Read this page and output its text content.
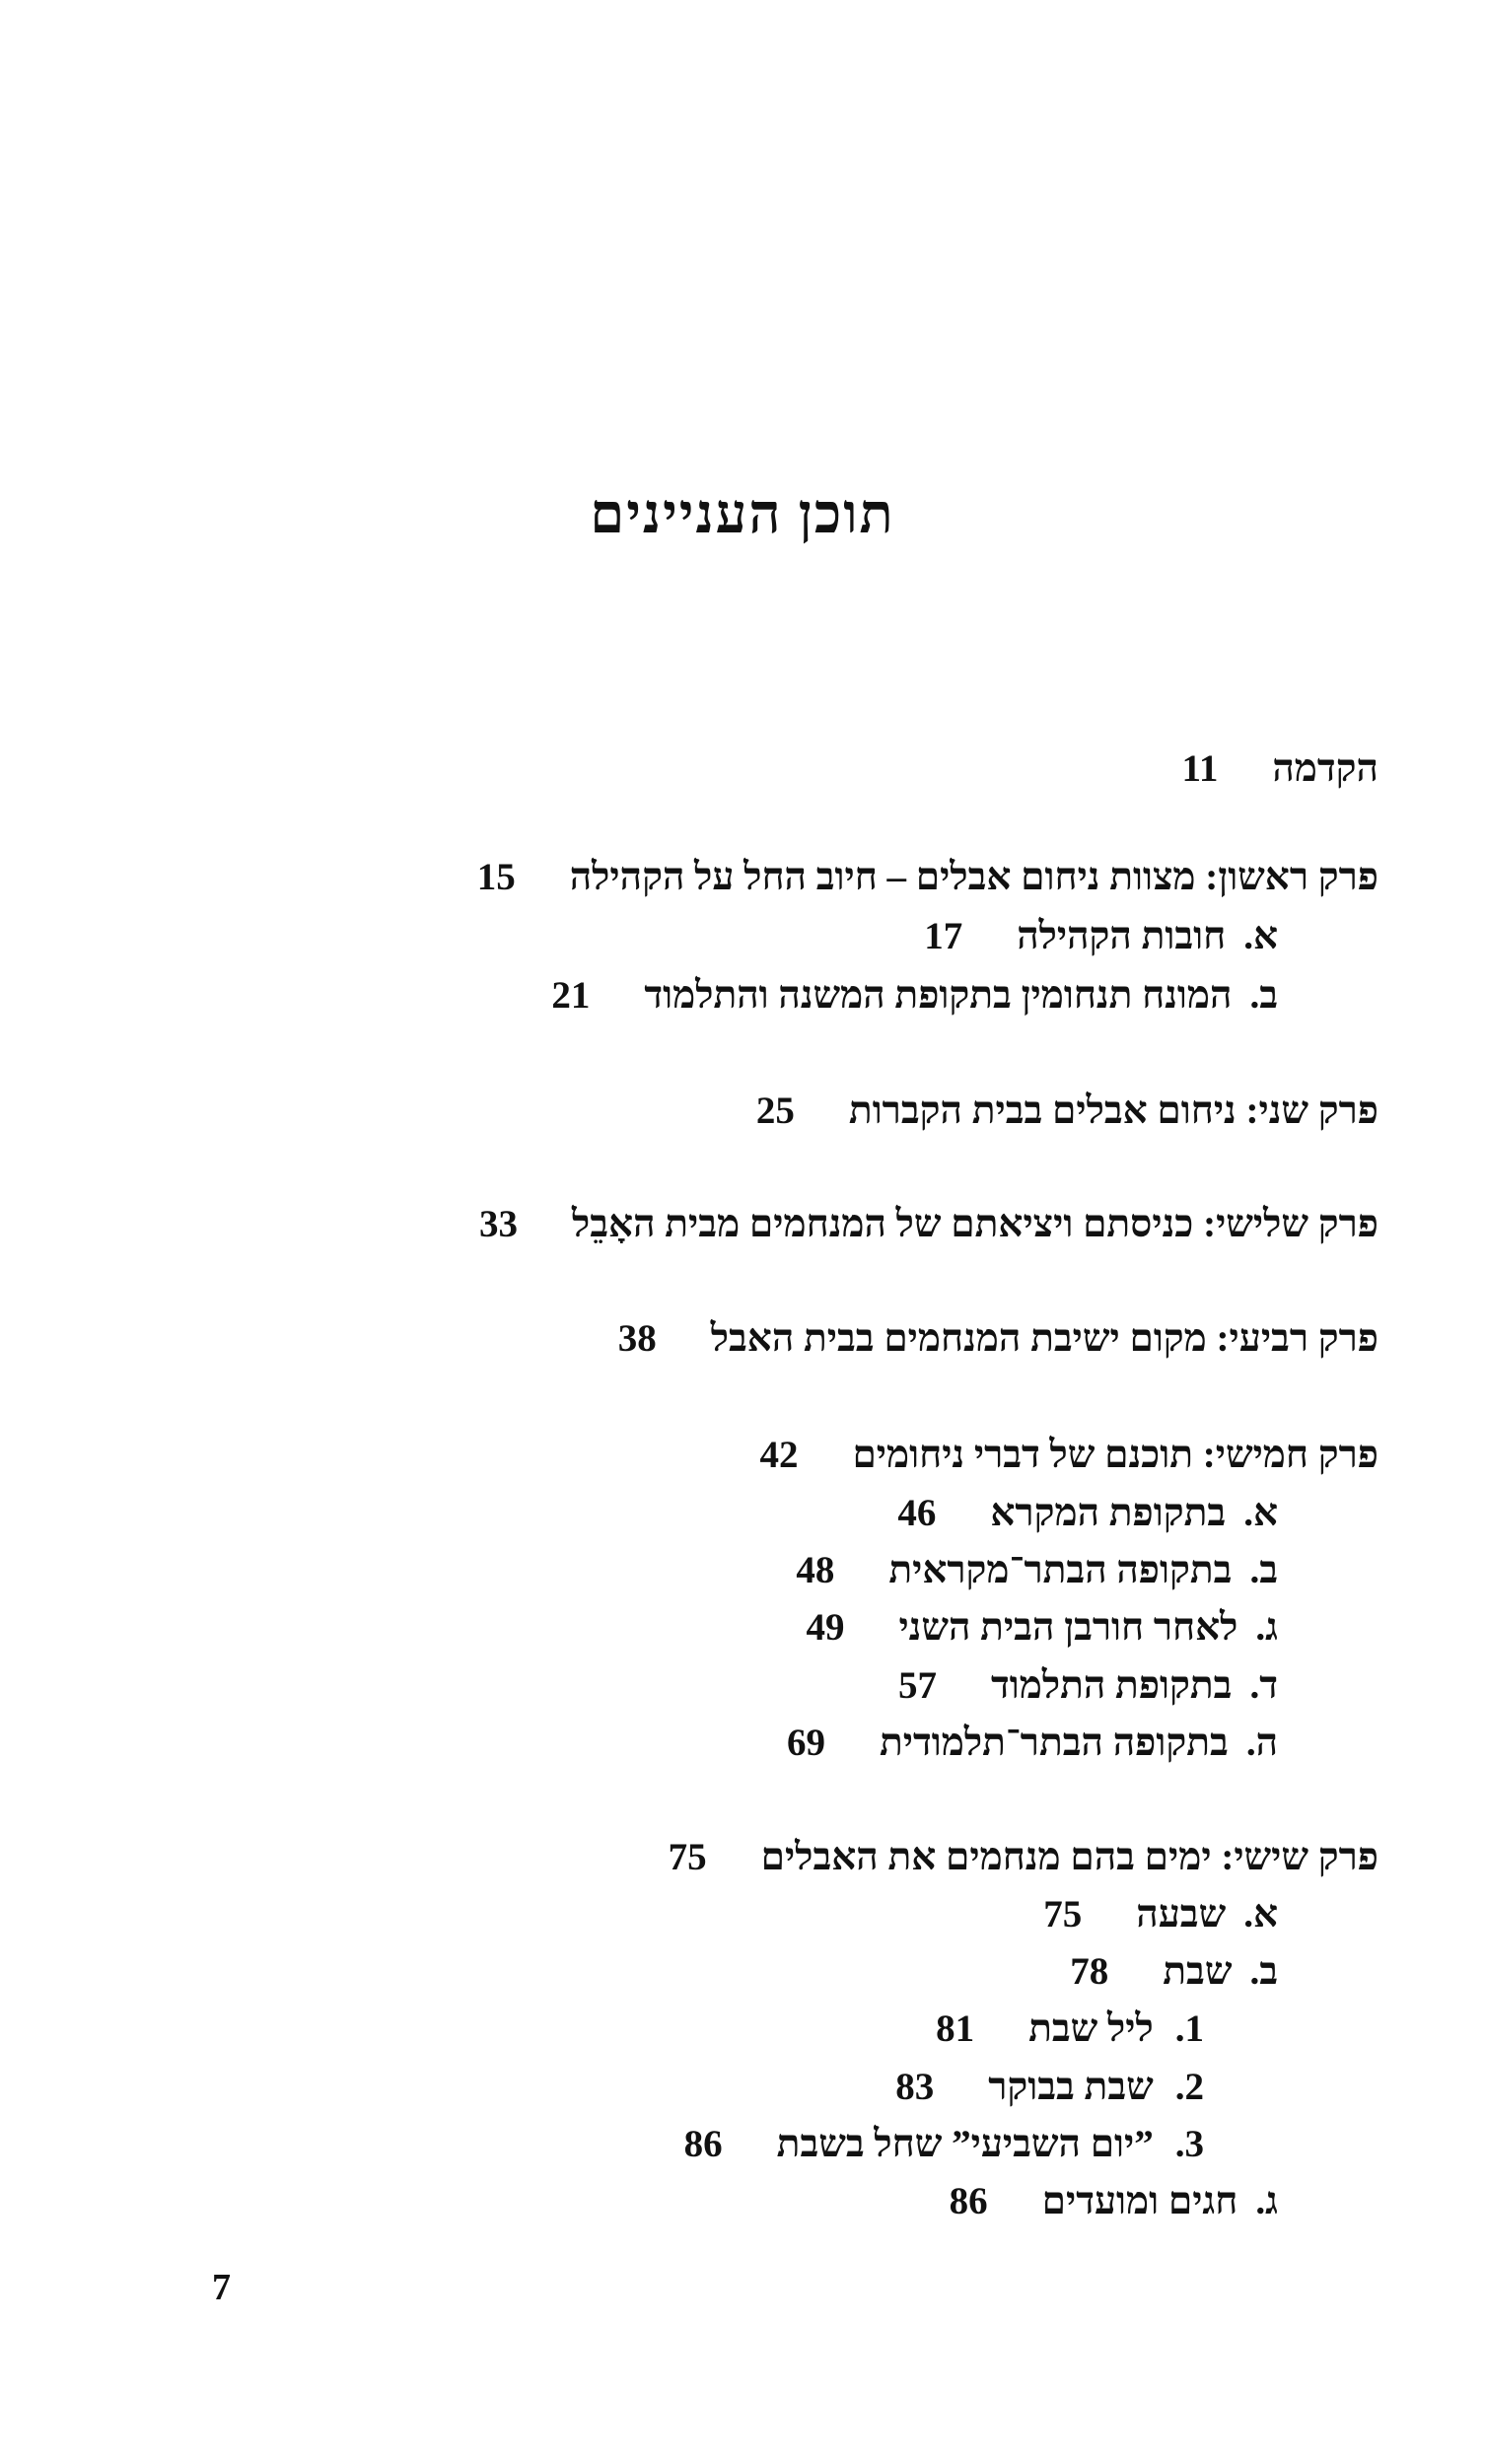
תוכן העניינים
הקדמה11
פרק ראשון: מצוות ניחום אבלים – חיוב החל על הקהילה15
א.חובות הקהילה17
ב.המונח תנחומין בתקופת המשנה והתלמוד21
פרק שני: ניחום אבלים בבית הקברות25
פרק שלישי: כניסתם ויציאתם של המנחמים מבית האָבֵל33
פרק רביעי: מקום ישיבת המנחמים בבית האבל38
פרק חמישי: תוכנם של דברי ניחומים42
א.בתקופת המקרא46
ב.בתקופה הבתר־מקראית48
ג.לאחר חורבן הבית השני49
ד.בתקופת התלמוד57
ה.בתקופה הבתר־תלמודית69
פרק שישי: ימים בהם מנחמים את האבלים75
א.שבעה75
ב.שבת78
1.ליל שבת81
2.שבת בבוקר83
3.”יום השביעי” שחל בשבת86
ג.חגים ומועדים86
7
